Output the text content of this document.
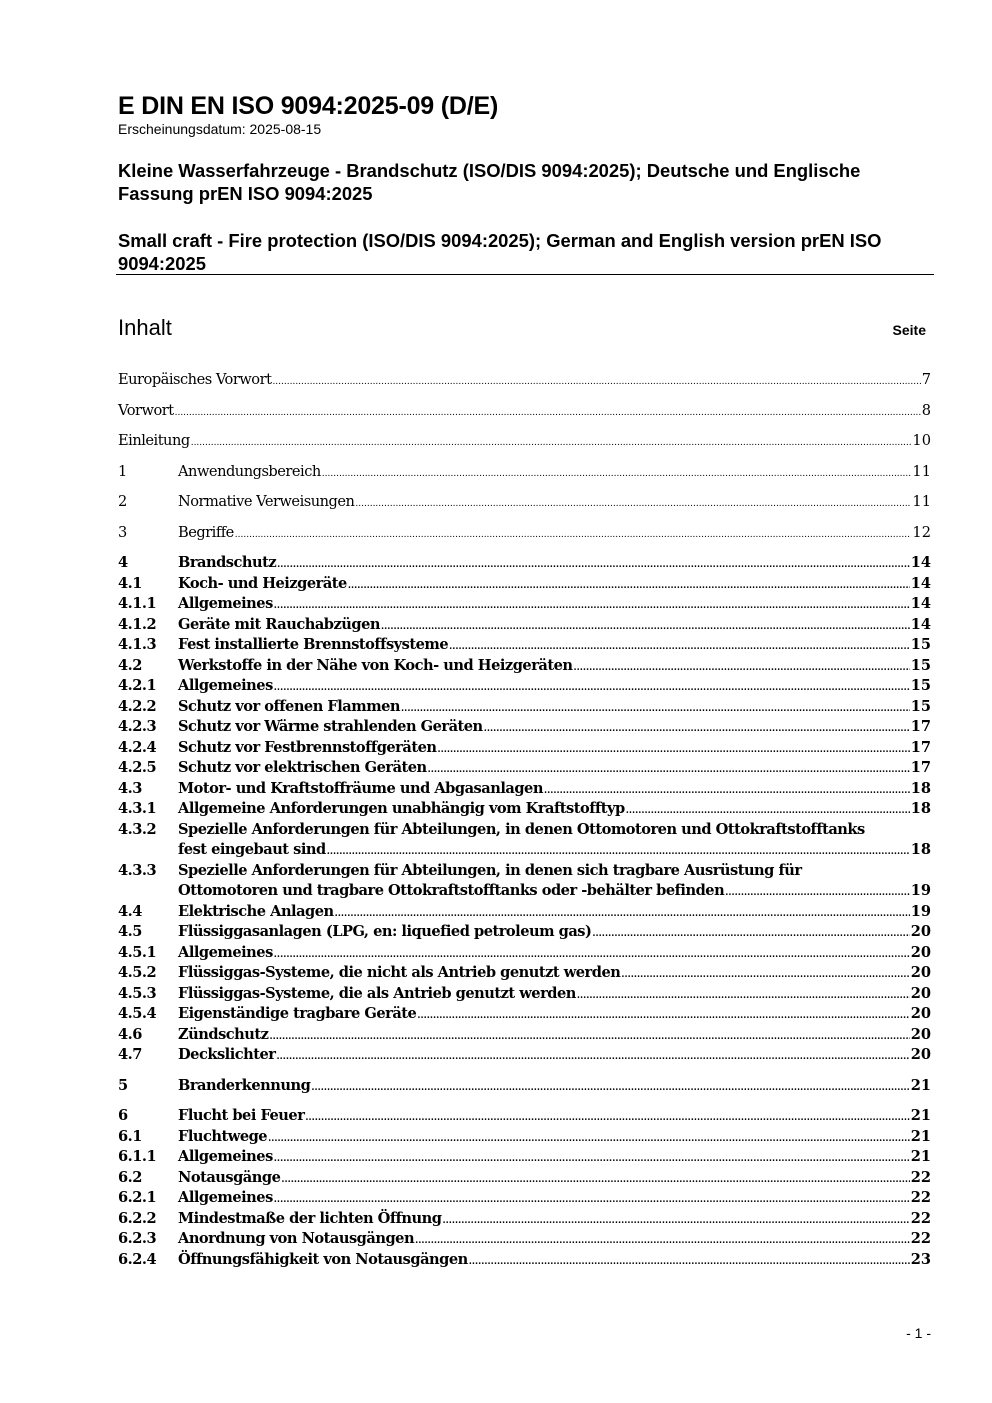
E DIN EN ISO 9094:2025-09 (D/E)
Erscheinungsdatum: 2025-08-15
Kleine Wasserfahrzeuge - Brandschutz (ISO/DIS 9094:2025); Deutsche und Englische Fassung prEN ISO 9094:2025
Small craft - Fire protection (ISO/DIS 9094:2025); German and English version prEN ISO 9094:2025
Inhalt	Seite
Europäisches Vorwort .....	7
Vorwort .....	8
Einleitung .....	10
1	Anwendungsbereich .....	11
2	Normative Verweisungen .....	11
3	Begriffe .....	12
4	Brandschutz .....	14
4.1	Koch- und Heizgeräte .....	14
4.1.1	Allgemeines .....	14
4.1.2	Geräte mit Rauchabzügen .....	14
4.1.3	Fest installierte Brennstoffsysteme .....	15
4.2	Werkstoffe in der Nähe von Koch- und Heizgeräten .....	15
4.2.1	Allgemeines .....	15
4.2.2	Schutz vor offenen Flammen .....	15
4.2.3	Schutz vor Wärme strahlenden Geräten .....	17
4.2.4	Schutz vor Festbrennstoffgeräten .....	17
4.2.5	Schutz vor elektrischen Geräten .....	17
4.3	Motor- und Kraftstoffräume und Abgasanlagen .....	18
4.3.1	Allgemeine Anforderungen unabhängig vom Kraftstofftyp .....	18
4.3.2	Spezielle Anforderungen für Abteilungen, in denen Ottomotoren und Ottokraftstofftanks
fest eingebaut sind .....	18
4.3.3	Spezielle Anforderungen für Abteilungen, in denen sich tragbare Ausrüstung für
Ottomotoren und tragbare Ottokraftstofftanks oder -behälter befinden .....	19
4.4	Elektrische Anlagen .....	19
4.5	Flüssiggasanlagen (LPG, en: liquefied petroleum gas) .....	20
4.5.1	Allgemeines .....	20
4.5.2	Flüssiggas-Systeme, die nicht als Antrieb genutzt werden .....	20
4.5.3	Flüssiggas-Systeme, die als Antrieb genutzt werden .....	20
4.5.4	Eigenständige tragbare Geräte .....	20
4.6	Zündschutz .....	20
4.7	Deckslichter .....	20
5	Branderkennung .....	21
6	Flucht bei Feuer .....	21
6.1	Fluchtwege .....	21
6.1.1	Allgemeines .....	21
6.2	Notausgänge .....	22
6.2.1	Allgemeines .....	22
6.2.2	Mindestmaße der lichten Öffnung .....	22
6.2.3	Anordnung von Notausgängen .....	22
6.2.4	Öffnungsfähigkeit von Notausgängen .....	23
- 1 -
